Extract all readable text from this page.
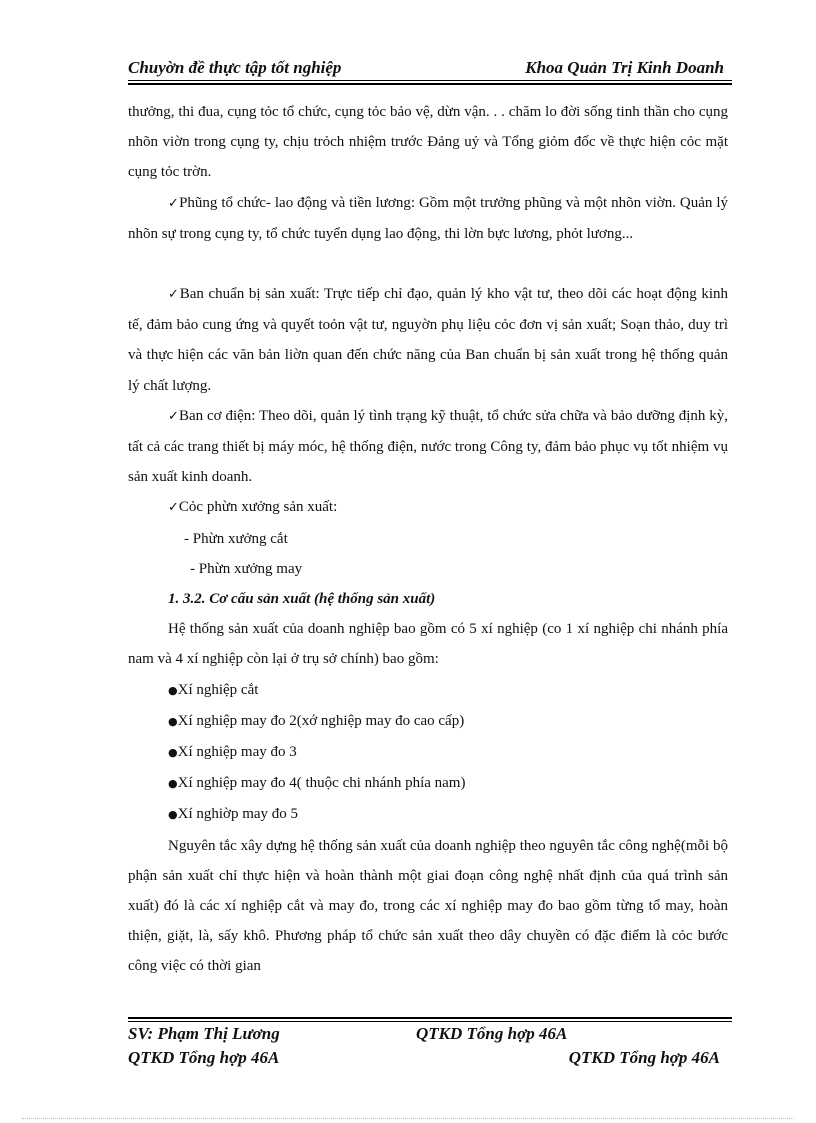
Chuyờn đề thực tập tốt nghiệp	Khoa Quản Trị Kinh Doanh

thưởng, thi đua, cụng tỏc tổ chức, cụng tỏc bảo vệ, dừn vận. . . chăm lo đời sống tinh thần cho cụng nhõn viờn trong cụng ty, chịu trỏch nhiệm trước Đảng uỷ và Tổng giỏm đốc về thực hiện cỏc mặt cụng tỏc trờn.

✓Phũng tổ chức- lao động và tiền lương: Gồm một trưởng phũng và một nhõn viờn. Quản lý nhõn sự trong cụng ty, tổ chức tuyển dụng lao động, thi lờn bực lương, phỏt lương...

✓Ban chuẩn bị sản xuất: Trực tiếp chỉ đạo, quản lý kho vật tư, theo dõi các hoạt động kinh tế, đảm bảo cung ứng và quyết toỏn vật tư, nguyờn phụ liệu cỏc đơn vị sản xuất; Soạn thảo, duy trì và thực hiện các văn bản liờn quan đến chức năng của Ban chuẩn bị sản xuất trong hệ thống quản lý chất lượng.

✓Ban cơ điện: Theo dõi, quản lý tình trạng kỹ thuật, tổ chức sửa chữa và bảo dưỡng định kỳ, tất cả các trang thiết bị máy móc, hệ thống điện, nước trong Công ty, đảm bảo phục vụ tốt nhiệm vụ sản xuất kinh doanh.

✓Cỏc phừn xưởng sản xuất:

- Phừn xưởng cắt

- Phừn xưởng may

1. 3.2. Cơ cấu sản xuất (hệ thống sản xuất)

Hệ thống sản xuất của doanh nghiệp bao gồm có 5 xí nghiệp (co 1 xí nghiệp chi nhánh phía nam và 4 xí nghiệp còn lại ở trụ sở chính) bao gồm:

●Xí nghiệp cắt

●Xí nghiệp may đo 2(xớ nghiệp may đo cao cấp)

●Xí nghiệp may đo 3

●Xí nghiệp may đo 4( thuộc chi nhánh phía nam)

●Xí nghiờp may đo 5

Nguyên tắc xây dựng hệ thống sản xuất của doanh nghiệp theo nguyên tắc công nghệ(mỗi bộ phận sản xuất chỉ thực hiện và hoàn thành một giai đoạn công nghệ nhất định của quá trình sản xuất) đó là các xí nghiệp cắt và may đo, trong các xí nghiệp may đo bao gồm từng tổ may, hoàn thiện, giặt, là, sấy khô. Phương pháp tổ chức sản xuất theo dây chuyền có đặc điểm là cỏc bước công việc có thời gian

SV: Phạm Thị Lương	QTKD Tổng hợp 46A
QTKD Tổng hợp 46A	QTKD Tổng hợp 46A
